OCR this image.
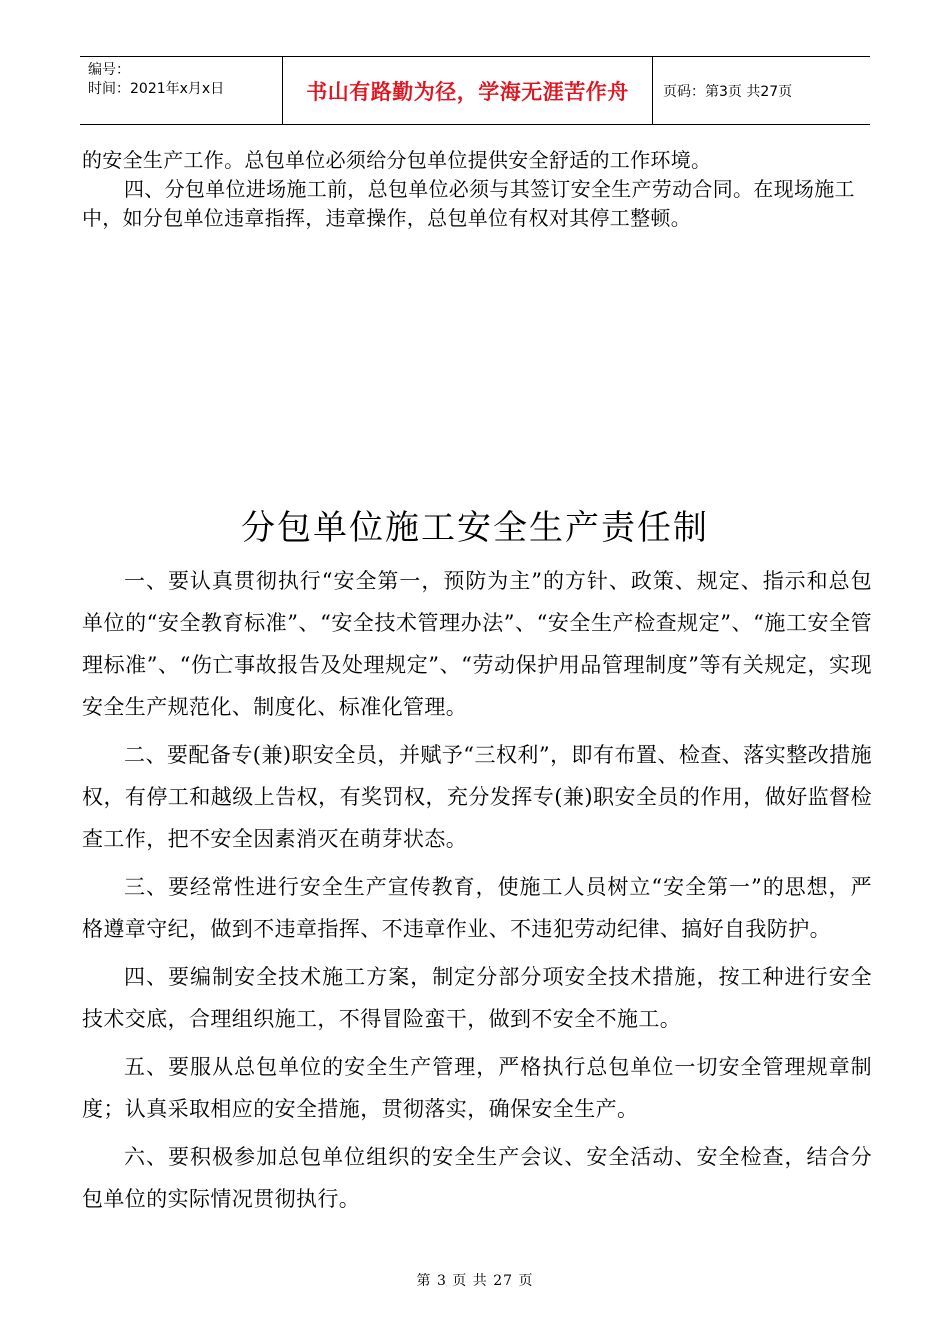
编号：
时间：2021年x月x日	书山有路勤为径，学海无涯苦作舟	页码：第3页 共27页

的安全生产工作。总包单位必须给分包单位提供安全舒适的工作环境。

四、分包单位进场施工前，总包单位必须与其签订安全生产劳动合同。在现场施工中，如分包单位违章指挥，违章操作，总包单位有权对其停工整顿。

分包单位施工安全生产责任制

一、要认真贯彻执行“安全第一，预防为主”的方针、政策、规定、指示和总包单位的“安全教育标准”、“安全技术管理办法”、“安全生产检查规定”、“施工安全管理标准”、“伤亡事故报告及处理规定”、“劳动保护用品管理制度”等有关规定，实现安全生产规范化、制度化、标准化管理。

二、要配备专(兼)职安全员，并赋予“三权利”，即有布置、检查、落实整改措施权，有停工和越级上告权，有奖罚权，充分发挥专(兼)职安全员的作用，做好监督检查工作，把不安全因素消灭在萌芽状态。

三、要经常性进行安全生产宣传教育，使施工人员树立“安全第一”的思想，严格遵章守纪，做到不违章指挥、不违章作业、不违犯劳动纪律、搞好自我防护。

四、要编制安全技术施工方案，制定分部分项安全技术措施，按工种进行安全技术交底，合理组织施工，不得冒险蛮干，做到不安全不施工。

五、要服从总包单位的安全生产管理，严格执行总包单位一切安全管理规章制度；认真采取相应的安全措施，贯彻落实，确保安全生产。

六、要积极参加总包单位组织的安全生产会议、安全活动、安全检查，结合分包单位的实际情况贯彻执行。

第 3 页 共 27 页
